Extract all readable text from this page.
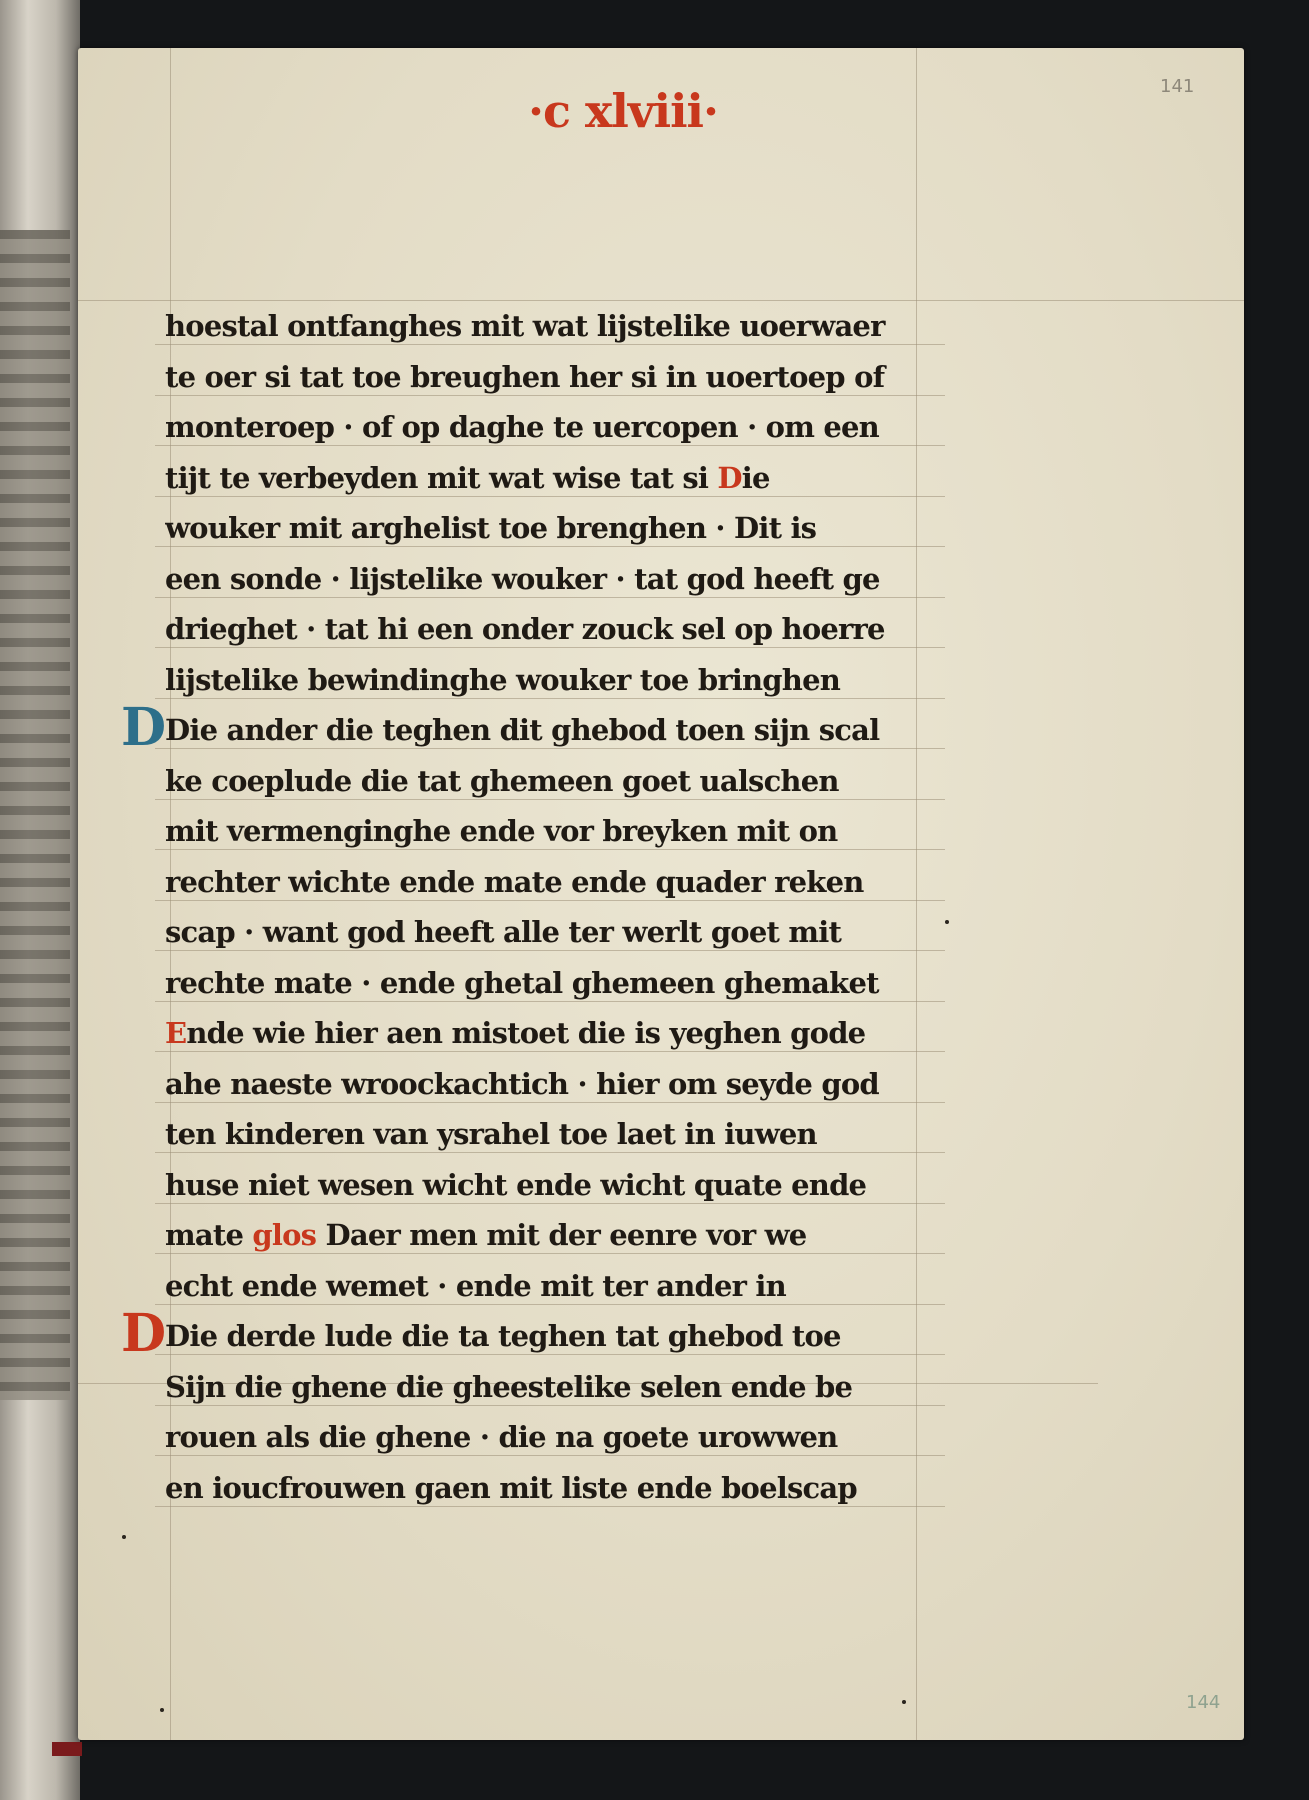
·c xlviii·	141
144
hoestal ontfanghes mit wat lijstelike uoerwaer
te oer si tat toe breughen her si in uoertoep of
monteroep · of op daghe te uercopen · om een
tijt te verbeyden mit wat wise tat si Die
wouker mit arghelist toe brenghen · Dit is
een sonde · lijstelike wouker · tat god heeft ge
drieghet · tat hi een onder zouck sel op hoerre
lijstelike bewindinghe wouker toe bringhen
D
Die ander die teghen dit ghebod toen sijn scal
ke coeplude die tat ghemeen goet ualschen
mit vermenginghe ende vor breyken mit on
rechter wichte ende mate ende quader reken
scap · want god heeft alle ter werlt goet mit
rechte mate · ende ghetal ghemeen ghemaket
Ende wie hier aen mistoet die is yeghen gode
ahe naeste wroockachtich · hier om seyde god
ten kinderen van ysrahel toe laet in iuwen
huse niet wesen wicht ende wicht quate ende
mate glos Daer men mit der eenre vor we
echt ende wemet · ende mit ter ander in
D
Die derde lude die ta teghen tat ghebod toe
Sijn die ghene die gheestelike selen ende be
rouen als die ghene · die na goete urowwen
en ioucfrouwen gaen mit liste ende boelscap
